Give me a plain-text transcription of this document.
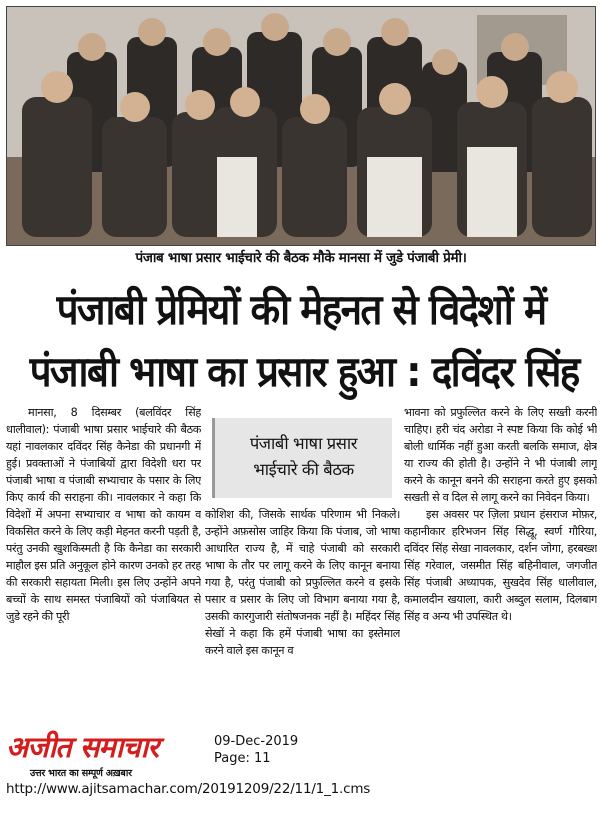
पंजाब भाषा प्रसार भाईचारे की बैठक मौके मानसा में जुडे पंजाबी प्रेमी।
पंजाबी प्रेमियों की मेहनत से विदेशों में
पंजाबी भाषा का प्रसार हुआ : दविंदर सिंह

मानसा, 8 दिसम्बर (बलविंदर सिंह धालीवाल): पंजाबी भाषा प्रसार भाईचारे की बैठक यहां नावलकार दविंदर सिंह कैनेडा की प्रधानगी में हुई। प्रवक्ताओं ने पंजाबियों द्वारा विदेशी धरा पर पंजाबी भाषा व पंजाबी सभ्याचार के पसार के लिए किए कार्य की सराहना की। नावलकार ने कहा कि विदेशों में अपना सभ्याचार व भाषा को कायम व विकसित करने के लिए कड़ी मेहनत करनी पड़ती है, परंतु उनकी खुशकिस्मती है कि कैनेडा का सरकारी माहौल इस प्रति अनुकूल होने कारण उनको हर तरह की सरकारी सहायता मिली। इस लिए उन्होंने अपने बच्चों के साथ समस्त पंजाबियों को पंजाबियत से जुडे रहने की पूरी

पंजाबी भाषा प्रसार
भाईचारे की बैठक
कोशिश की, जिसके सार्थक परिणाम भी निकले। उन्होंने अफ़सोस जाहिर किया कि पंजाब, जो भाषा आधारित राज्य है, में चाहे पंजाबी को सरकारी भाषा के तौर पर लागू करने के लिए कानून बनाया गया है, परंतु पंजाबी को प्रफुल्लित करने व इसके पसार व प्रसार के लिए जो विभाग बनाया गया है, उसकी कारगुजारी संतोषजनक नहीं है। महिंदर सिंह सेखों ने कहा कि हमें पंजाबी भाषा का इस्तेमाल करने वाले इस कानून व
भावना को प्रफुल्लित करने के लिए सख्ती करनी चाहिए। हरी चंद अरोडा ने स्पष्ट किया कि कोई भी बोली धार्मिक नहीं हुआ करती बलकि समाज, क्षेत्र या राज्य की होती है। उन्होंने ने भी पंजाबी लागू करने के कानून बनने की सराहना करते हुए इसको सखती से व दिल से लागू करने का निवेदन किया।

इस अवसर पर ज़िला प्रधान हंसराज मोफ़र, कहानीकार हरिभजन सिंह सिद्धू, स्वर्ण गौरिया, दविंदर सिंह सेखा नावलकार, दर्शन जोगा, हरबख्श सिंह गरेवाल, जसमीत सिंह बहिनीवाल, जगजीत सिंह पंजाबी अध्यापक, सुखदेव सिंह धालीवाल, कमालदीन खयाला, कारी अब्दुल सलाम, दिलबाग सिंह व अन्य भी उपस्थित थे।

अजीत समाचार
उत्तर भारत का सम्पूर्ण अख़बार
09-Dec-2019
Page: 11
http://www.ajitsamachar.com/20191209/22/11/1_1.cms
